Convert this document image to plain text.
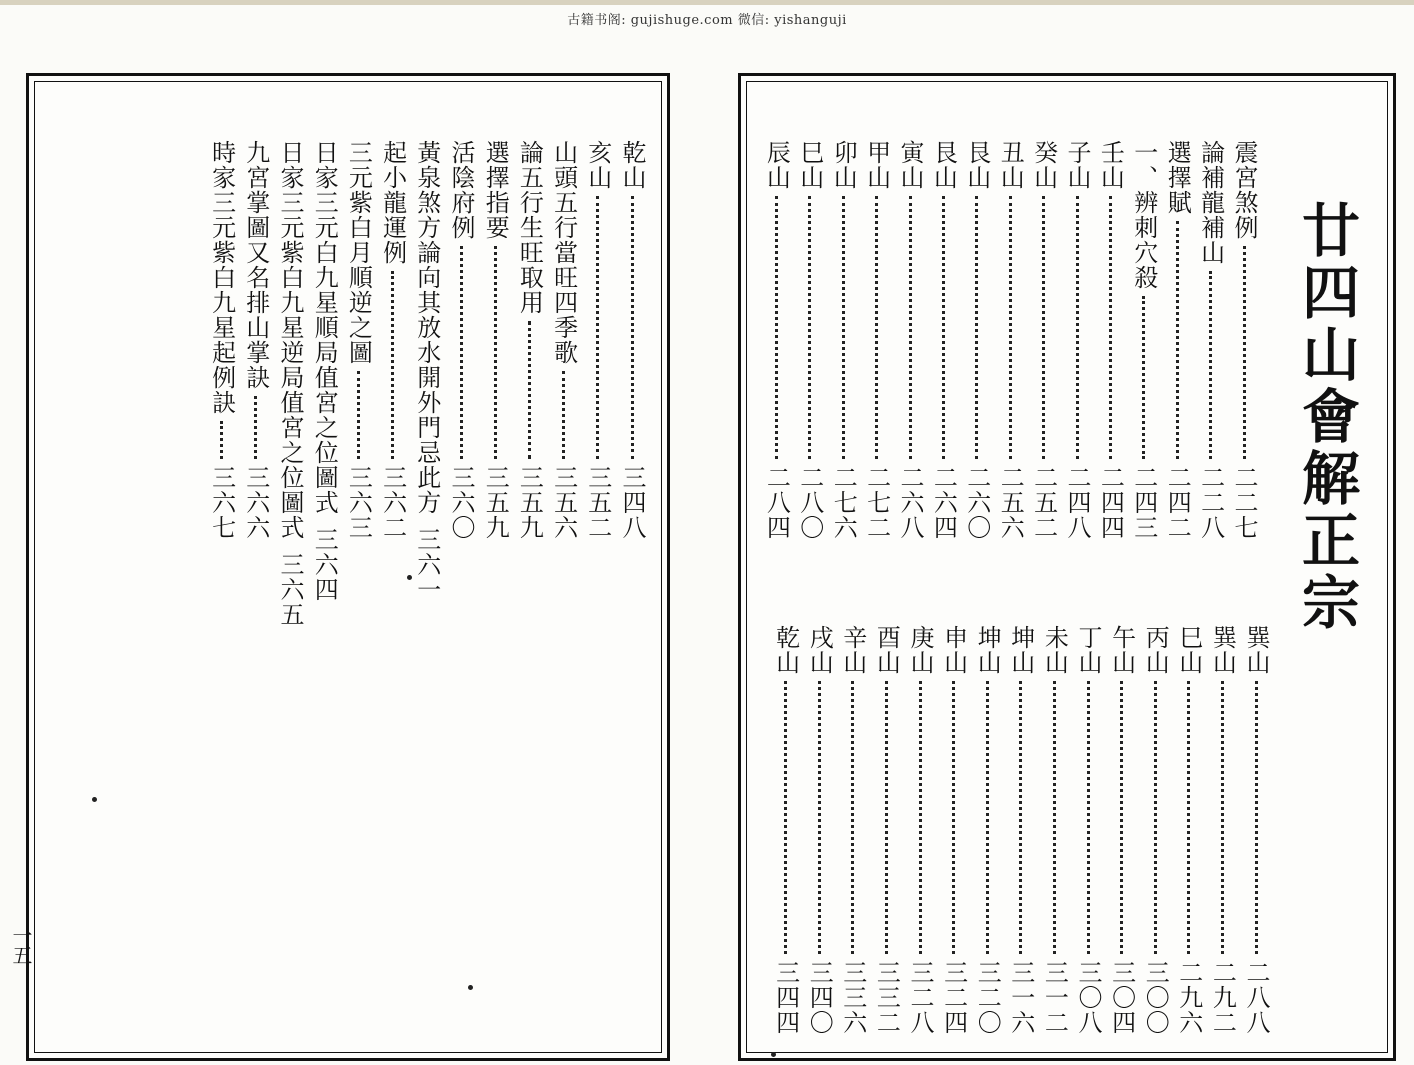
古籍书阁: gujishuge.com 微信: yishanguji
廿四山會解正宗
一五
震宮煞例
二二七
論補龍補山
二二八
選擇賦
二四二
一、辨刺穴殺
二四三
壬山
二四四
子山
二四八
癸山
二五二
丑山
二五六
艮山
二六〇
艮山
二六四
寅山
二六八
甲山
二七二
卯山
二七六
巳山
二八〇
辰山
二八四
巽山
二八八
巽山
二九二
巳山
二九六
丙山
三〇〇
午山
三〇四
丁山
三〇八
未山
三一二
坤山
三一六
坤山
三二〇
申山
三二四
庚山
三二八
酉山
三三二
辛山
三三六
戌山
三四〇
乾山
三四四
乾山
三四八
亥山
三五二
山頭五行當旺四季歌
三五六
論五行生旺取用
三五九
選擇指要
三五九
活陰府例
三六〇
黃泉煞方論向其放水開外門忌此方
三六一
起小龍運例
三六二
三元紫白月順逆之圖
三六三
日家三元白九星順局值宮之位圖式
三六四
日家三元紫白九星逆局值宮之位圖式
三六五
九宮掌圖又名排山掌訣
三六六
時家三元紫白九星起例訣
三六七
